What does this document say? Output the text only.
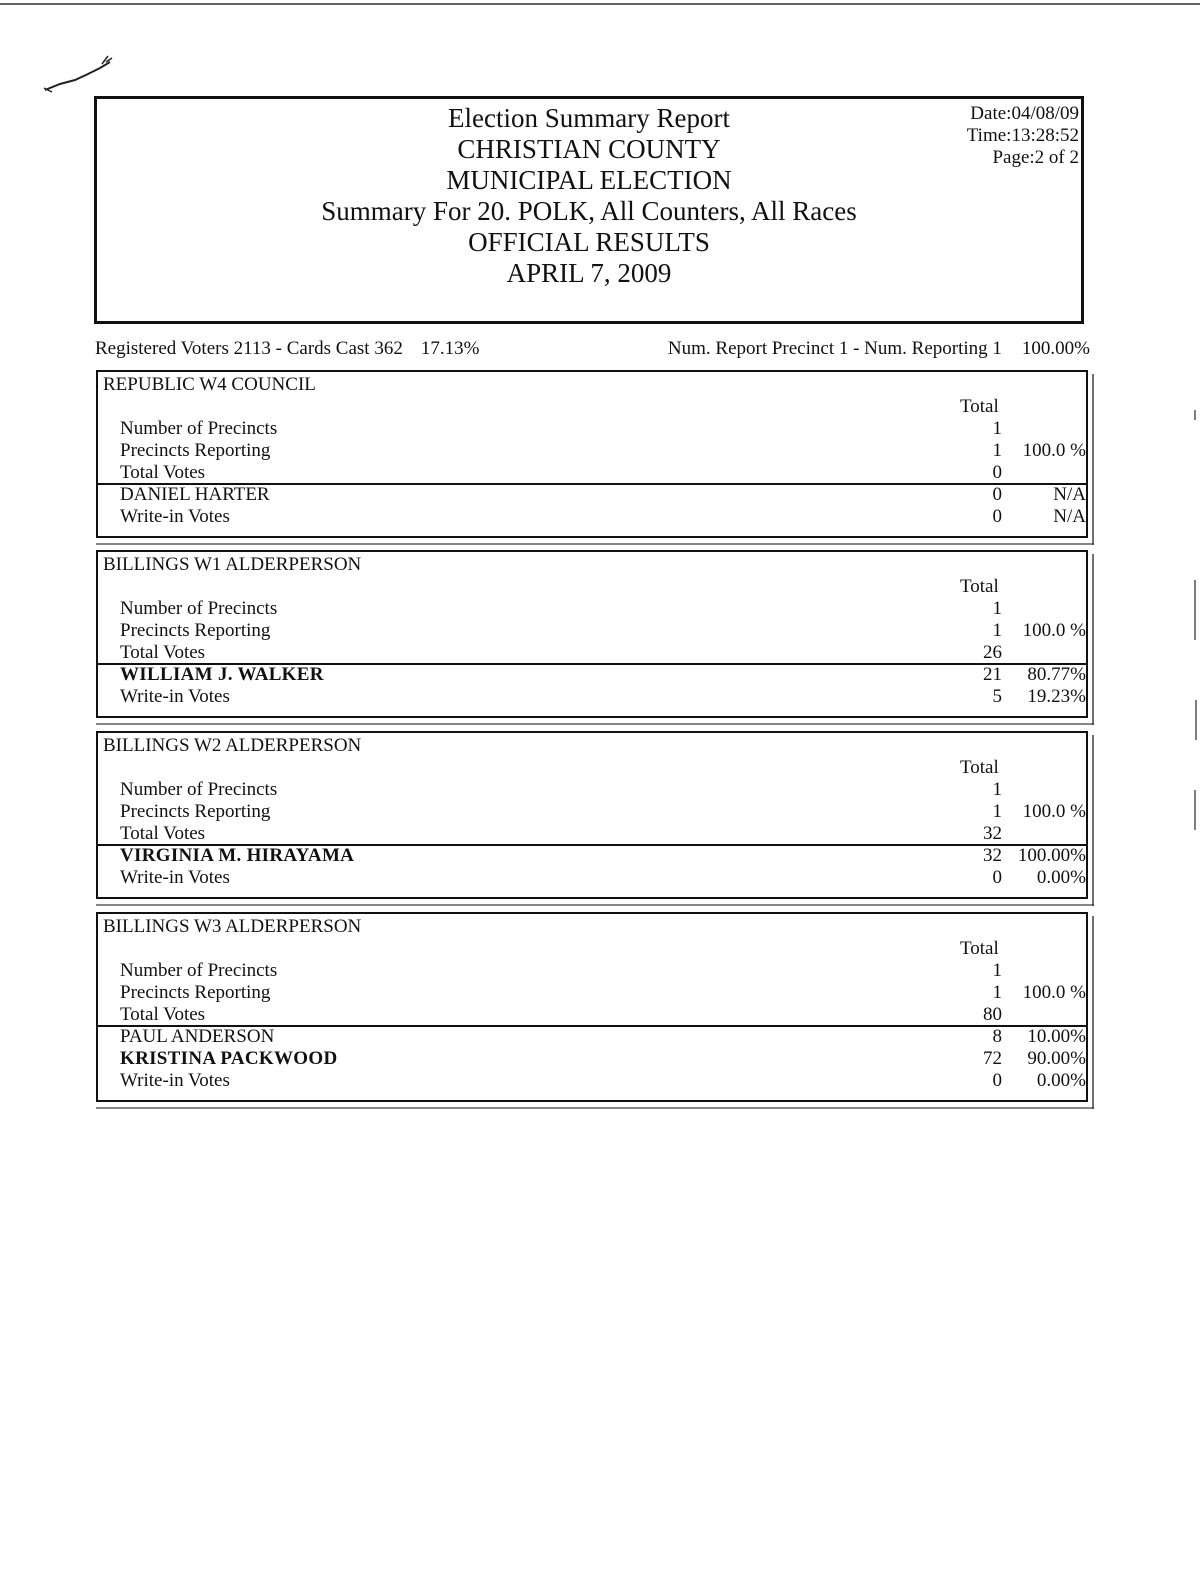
Election Summary Report
CHRISTIAN COUNTY
MUNICIPAL ELECTION
Summary For 20. POLK, All Counters, All Races
OFFICIAL RESULTS
APRIL 7, 2009
Date:04/08/09
Time:13:28:52
Page:2 of 2
Registered Voters 2113 - Cards Cast 362 17.13%	Num. Report Precinct 1 - Num. Reporting 1 100.00%
REPUBLIC W4 COUNCIL
Total
Number of Precincts	1
Precincts Reporting	1 100.0 %
Total Votes	0
DANIEL HARTER	0	N/A
Write-in Votes	0	N/A
BILLINGS W1 ALDERPERSON
Total
Number of Precincts	1
Precincts Reporting	1 100.0 %
Total Votes	26
WILLIAM J. WALKER	21 80.77%
Write-in Votes	5 19.23%
BILLINGS W2 ALDERPERSON
Total
Number of Precincts	1
Precincts Reporting	1 100.0 %
Total Votes	32
VIRGINIA M. HIRAYAMA	32 100.00%
Write-in Votes	0 0.00%
BILLINGS W3 ALDERPERSON
Total
Number of Precincts	1
Precincts Reporting	1 100.0 %
Total Votes	80
PAUL ANDERSON	8 10.00%
KRISTINA PACKWOOD	72 90.00%
Write-in Votes	0 0.00%
